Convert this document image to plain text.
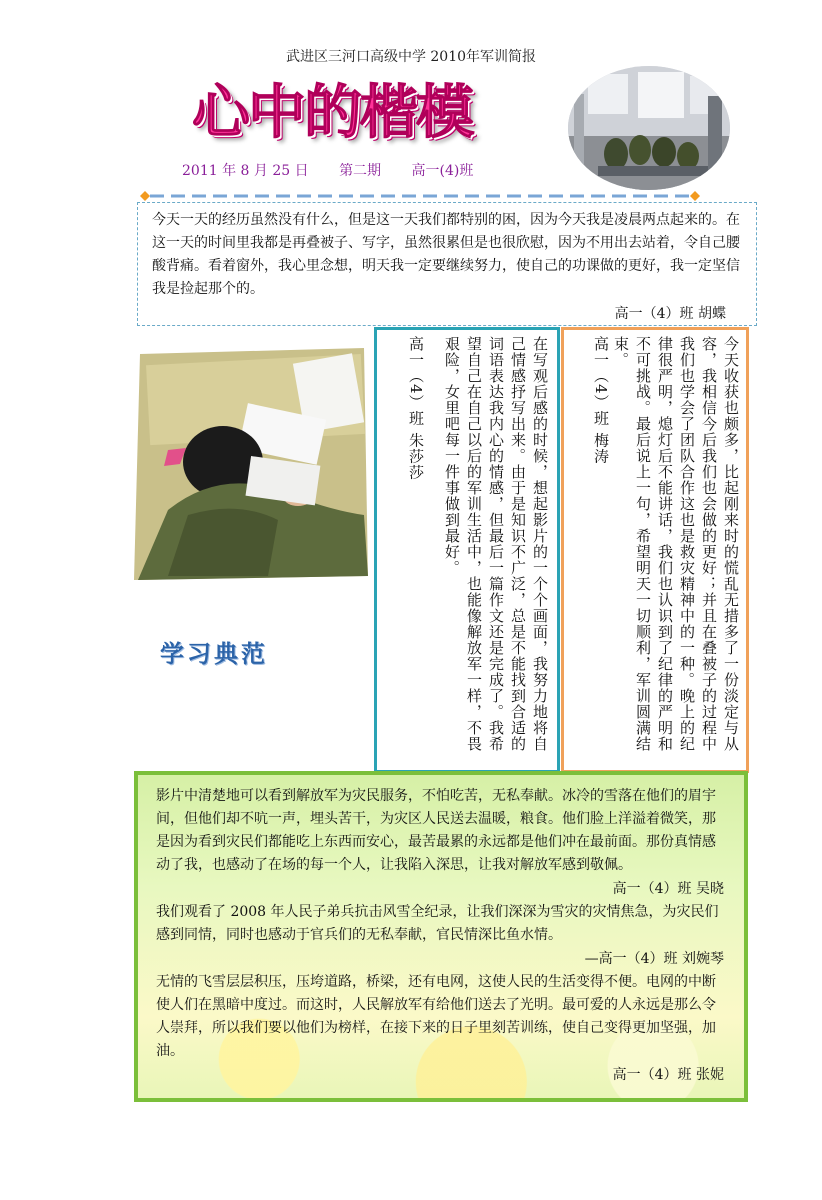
武进区三河口高级中学 2010年军训简报
心中的楷模
2011 年 8 月 25 日 第二期 高一(4)班

今天一天的经历虽然没有什么，但是这一天我们都特别的困，因为今天我是凌晨两点起来的。在这一天的时间里我都是再叠被子、写字，虽然很累但是也很欣慰，因为不用出去站着，令自己腰酸背痛。看着窗外，我心里念想，明天我一定要继续努力，使自己的功课做的更好，我一定坚信我是捡起那个的。

高一（4）班 胡蝶
学习典范	在写观后感的时候，想起影片的一个个画面，我努力地将自己情感抒写出来。由于是知识不广泛，总是不能找到合适的词语表达我内心的情感，但最后一篇作文还是完成了。我希望自己在自己以后的军训生活中，也能像解放军一样，不畏艰险，女里吧每一件事做到最好。
高一（4）班 朱莎莎	今天收获也颇多，比起刚来时的慌乱无措多了一份淡定与从容，我相信今后我们也会做的更好；并且在叠被子的过程中我们也学会了团队合作这也是救灾精神中的一种。晚上的纪律很严明，熄灯后不能讲话，我们也认识到了纪律的严明和不可挑战。最后说上一句，希望明天一切顺利，军训圆满结束。
高一（4）班 梅涛

影片中清楚地可以看到解放军为灾民服务，不怕吃苦，无私奉献。冰冷的雪落在他们的眉宇间，但他们却不吭一声，埋头苦干，为灾区人民送去温暖，粮食。他们脸上洋溢着微笑，那是因为看到灾民们都能吃上东西而安心，最苦最累的永远都是他们冲在最前面。那份真情感动了我，也感动了在场的每一个人，让我陷入深思，让我对解放军感到敬佩。

高一（4）班 吴晓

我们观看了 2008 年人民子弟兵抗击风雪全纪录，让我们深深为雪灾的灾情焦急，为灾民们感到同情，同时也感动于官兵们的无私奉献，官民情深比鱼水情。

—高一（4）班 刘婉琴

无情的飞雪层层积压，压垮道路，桥梁，还有电网，这使人民的生活变得不便。电网的中断使人们在黑暗中度过。而这时，人民解放军有给他们送去了光明。最可爱的人永远是那么令人崇拜，所以我们要以他们为榜样，在接下来的日子里刻苦训练，使自己变得更加坚强，加油。

高一（4）班 张妮
